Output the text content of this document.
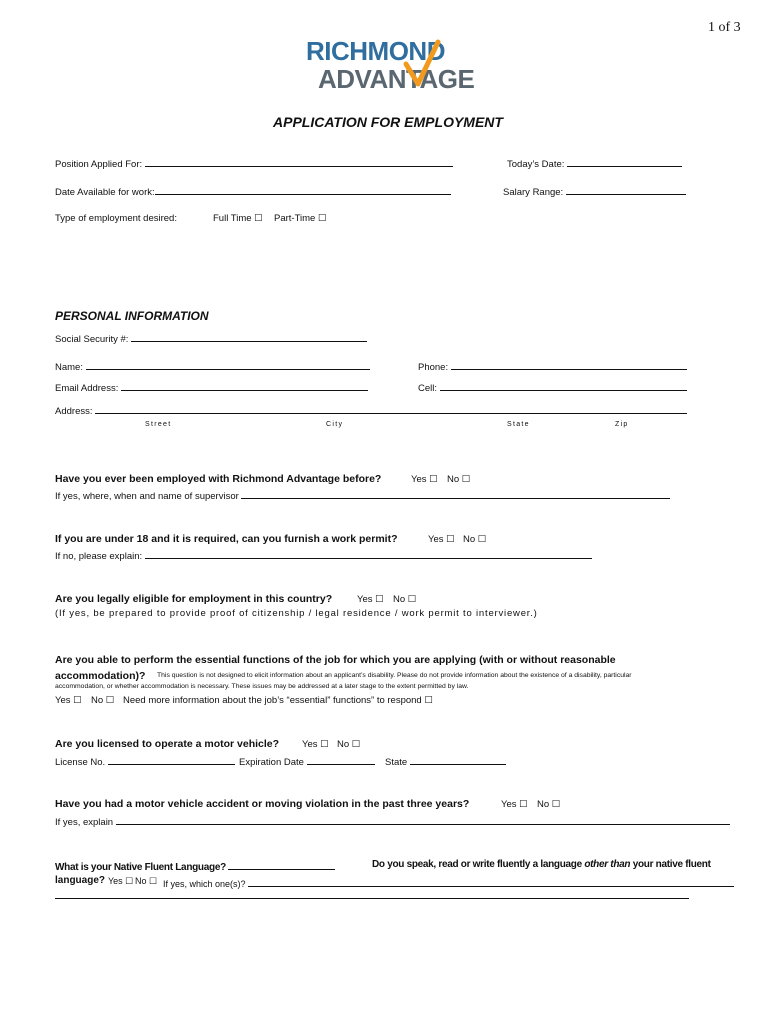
1 of 3
RICHMOND
ADVANTAGE
APPLICATION FOR EMPLOYMENT
Position Applied For:	Today’s Date:
Date Available for work:	Salary Range:
Type of employment desired:	Full Time ☐ Part-Time ☐
PERSONAL INFORMATION
Social Security #:
Name:	Phone:
Email Address:	Cell:
Address:
Street	City	State	Zip
Have you ever been employed with Richmond Advantage before?	Yes ☐ No ☐
If yes, where, when and name of supervisor
If you are under 18 and it is required, can you furnish a work permit?	Yes ☐ No ☐
If no, please explain:
Are you legally eligible for employment in this country?	Yes ☐ No ☐
(If yes, be prepared to provide proof of citizenship / legal residence / work permit to interviewer.)
Are you able to perform the essential functions of the job for which you are applying (with or without reasonable
accommodation)? This question is not designed to elicit information about an applicant’s disability. Please do not provide information about the existence of a disability, particular
accommodation, or whether accommodation is necessary. These issues may be addressed at a later stage to the extent permitted by law.
Yes ☐ No ☐ Need more information about the job’s “essential” functions” to respond ☐
Are you licensed to operate a motor vehicle? Yes ☐ No ☐
License No.	Expiration Date	State
Have you had a motor vehicle accident or moving violation in the past three years?	Yes ☐ No ☐
If yes, explain
What is your Native Fluent Language?	Do you speak, read or write fluently a language other than your native fluent
language? Yes ☐ No ☐ If yes, which one(s)?
